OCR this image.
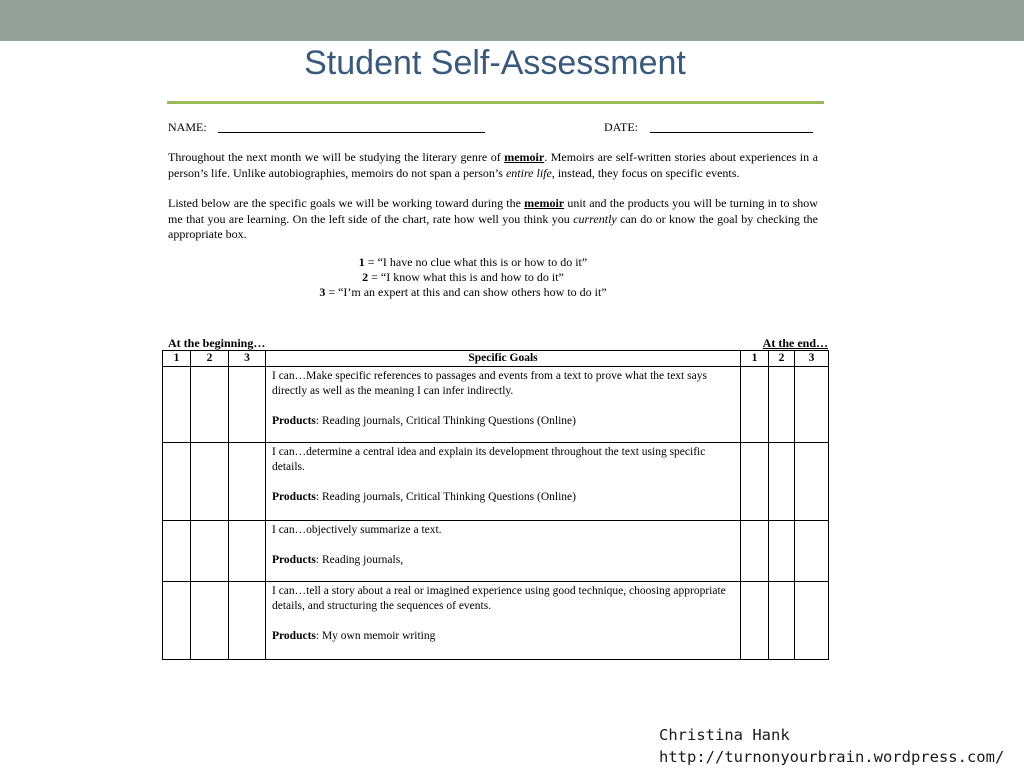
Student Self-Assessment
NAME:	DATE:

Throughout the next month we will be studying the literary genre of memoir. Memoirs are self-written stories about experiences in a person’s life. Unlike autobiographies, memoirs do not span a person’s entire life, instead, they focus on specific events.

Listed below are the specific goals we will be working toward during the memoir unit and the products you will be turning in to show me that you are learning. On the left side of the chart, rate how well you think you currently can do or know the goal by checking the appropriate box.

1 = “I have no clue what this is or how to do it”
2 = “I know what this is and how to do it”
3 = “I’m an expert at this and can show others how to do it”
At the beginning…	At the end…
1	2	3	Specific Goals	1	2	3

			I can…Make specific references to passages and events from a text to prove what the text says directly as well as the meaning I can infer indirectly.

Products: Reading journals, Critical Thinking Questions (Online)			

			I can…determine a central idea and explain its development throughout the text using specific details.

Products: Reading journals, Critical Thinking Questions (Online)			

			I can…objectively summarize a text.

Products: Reading journals,			

			I can…tell a story about a real or imagined experience using good technique, choosing appropriate details, and structuring the sequences of events.

Products: My own memoir writing			

Christina Hank
http://turnonyourbrain.wordpress.com/
